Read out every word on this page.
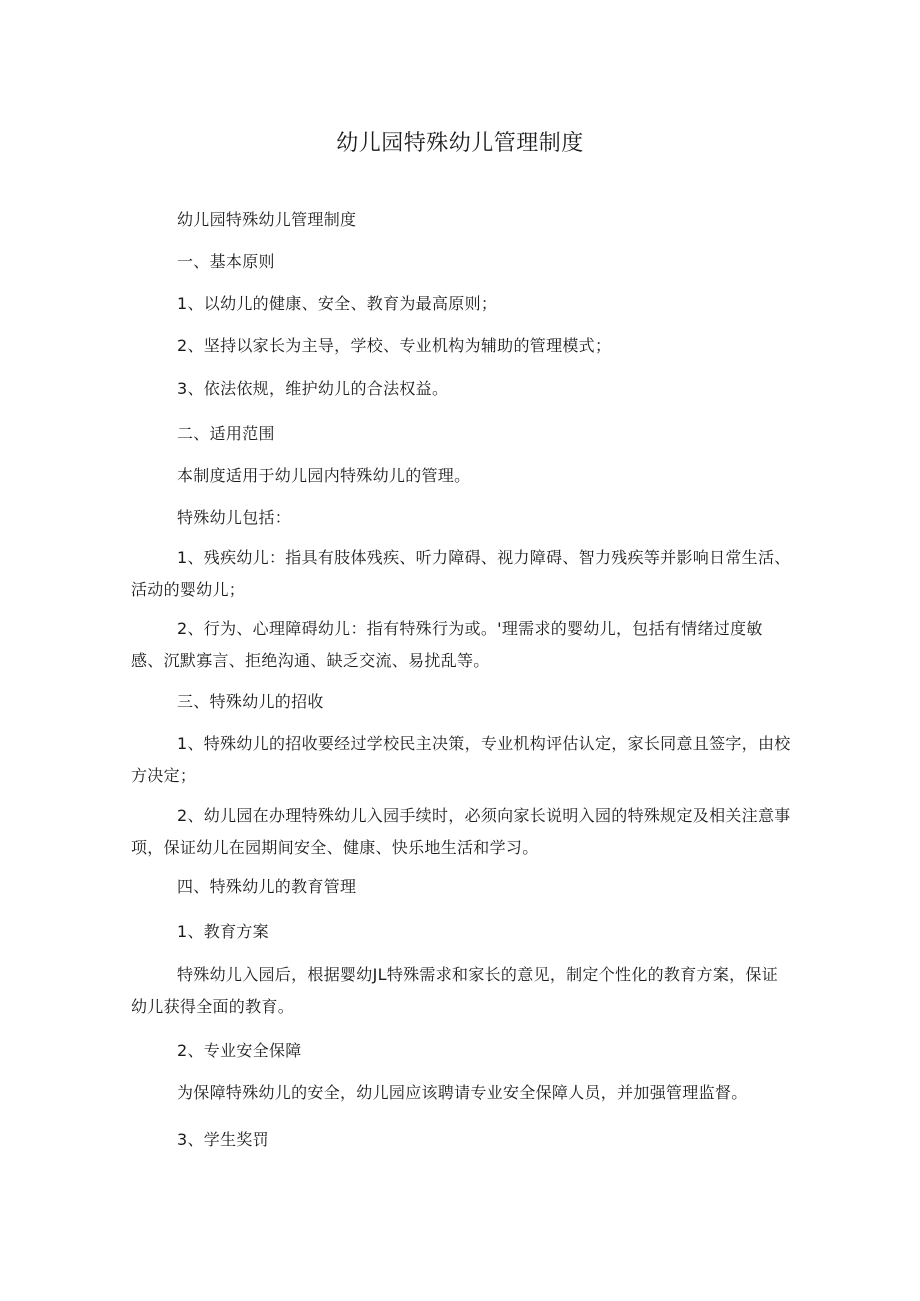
幼儿园特殊幼儿管理制度

幼儿园特殊幼儿管理制度

一、基本原则

1、以幼儿的健康、安全、教育为最高原则；

2、坚持以家长为主导，学校、专业机构为辅助的管理模式；

3、依法依规，维护幼儿的合法权益。

二、适用范围

本制度适用于幼儿园内特殊幼儿的管理。

特殊幼儿包括：

1、残疾幼儿：指具有肢体残疾、听力障碍、视力障碍、智力残疾等并影响日常生活、活动的婴幼儿；

2、行为、心理障碍幼儿：指有特殊行为或。'理需求的婴幼儿，包括有情绪过度敏感、沉默寡言、拒绝沟通、缺乏交流、易扰乱等。

三、特殊幼儿的招收

1、特殊幼儿的招收要经过学校民主决策，专业机构评估认定，家长同意且签字，由校方决定；

2、幼儿园在办理特殊幼儿入园手续时，必须向家长说明入园的特殊规定及相关注意事项，保证幼儿在园期间安全、健康、快乐地生活和学习。

四、特殊幼儿的教育管理

1、教育方案

特殊幼儿入园后，根据婴幼JL特殊需求和家长的意见，制定个性化的教育方案，保证幼儿获得全面的教育。

2、专业安全保障

为保障特殊幼儿的安全，幼儿园应该聘请专业安全保障人员，并加强管理监督。

3、学生奖罚
